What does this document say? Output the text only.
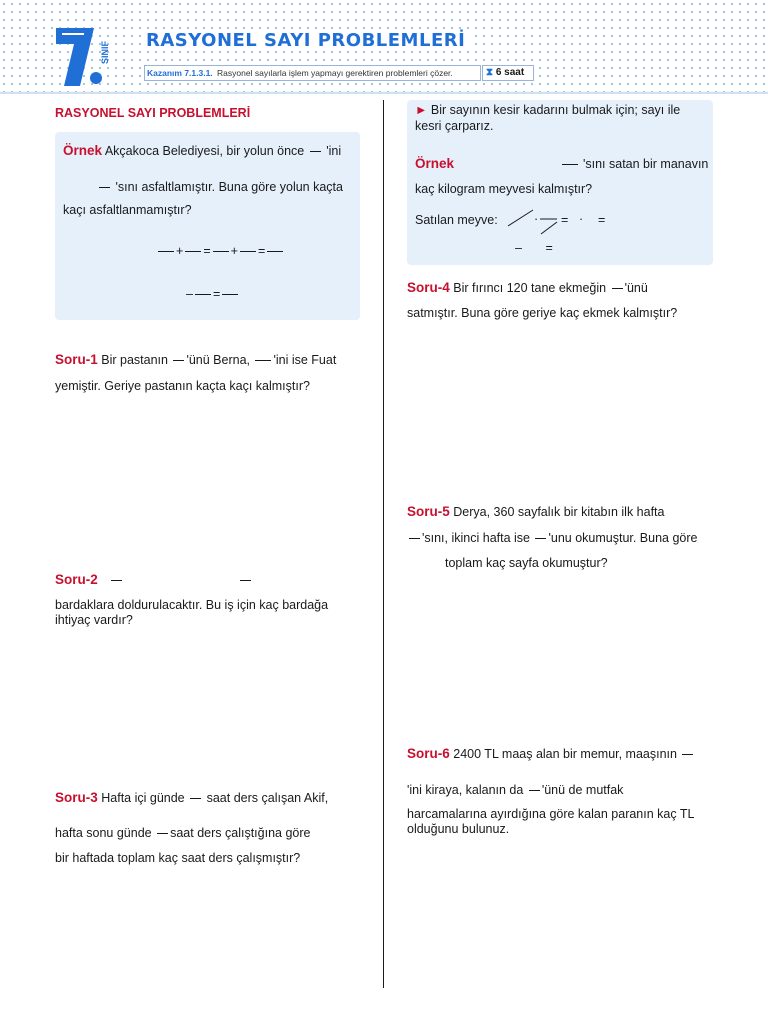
SINIF
RASYONEL SAYI PROBLEMLERİ
Kazanım 7.1.3.1. Rasyonel sayılarla işlem yapmayı gerektiren problemleri çözer.	⧗ 6 saat
RASYONEL SAYI PROBLEMLERİ
Örnek Akçakoca Belediyesi, bir yolun önce 'ini
'sını asfaltlamıştır. Buna göre yolun kaçta
kaçı asfaltlanmamıştır?
+ = + =
– =
Soru-1 Bir pastanın 'ünü Berna, 'ini ise Fuat
yemiştir. Geriye pastanın kaçta kaçı kalmıştır?
Soru-2
bardaklara doldurulacaktır. Bu iş için kaç bardağa
ihtiyaç vardır?
Soru-3 Hafta içi günde saat ders çalışan Akif,
hafta sonu günde saat ders çalıştığına göre
bir haftada toplam kaç saat ders çalışmıştır?
► Bir sayının kesir kadarını bulmak için; sayı ile
kesri çarparız.
Örnek	'sını satan bir manavın
kaç kilogram meyvesi kalmıştır?
Satılan meyve:	· = · =
– =
Soru-4 Bir fırıncı 120 tane ekmeğin 'ünü
satmıştır. Buna göre geriye kaç ekmek kalmıştır?
Soru-5 Derya, 360 sayfalık bir kitabın ilk hafta
'sını, ikinci hafta ise 'unu okumuştur. Buna göre
toplam kaç sayfa okumuştur?
Soru-6 2400 TL maaş alan bir memur, maaşının
'ini kiraya, kalanın da 'ünü de mutfak
harcamalarına ayırdığına göre kalan paranın kaç TL
olduğunu bulunuz.
